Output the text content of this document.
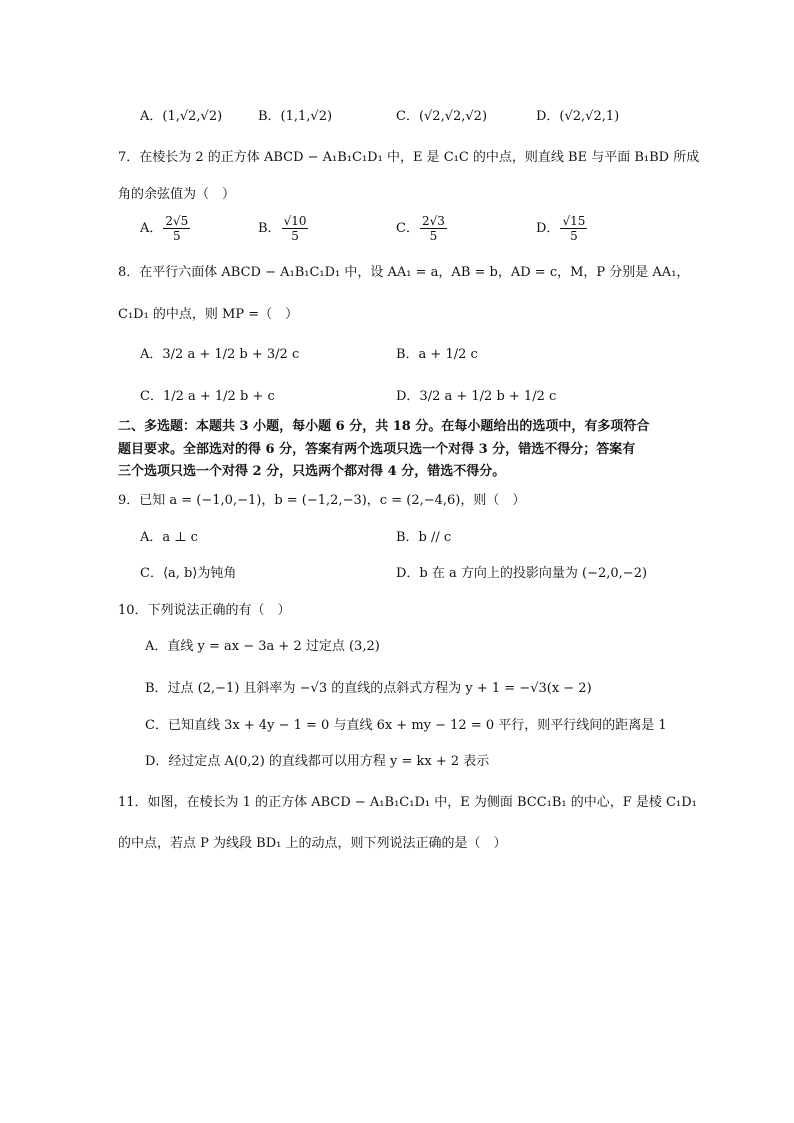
A．(1,√2,√2)	B．(1,1,√2)	C．(√2,√2,√2)	D．(√2,√2,1)
7．在棱长为 2 的正方体 ABCD − A₁B₁C₁D₁ 中，E 是 C₁C 的中点，则直线 BE 与平面 B₁BD 所成
角的余弦值为（　）
A． $\frac{2√5}{5}$	B． $\frac{√10}{5}$	C． $\frac{2√3}{5}$	D． $\frac{√15}{5}$
8．在平行六面体 ABCD − A₁B₁C₁D₁ 中，设 AA₁ = a，AB = b，AD = c，M，P 分别是 AA₁，
C₁D₁ 的中点，则 MP =（　）
A．3/2 a + 1/2 b + 3/2 c	B．a + 1/2 c
C．1/2 a + 1/2 b + c	D．3/2 a + 1/2 b + 1/2 c
二、多选题：本题共 3 小题，每小题 6 分，共 18 分。在每小题给出的选项中，有多项符合
题目要求。全部选对的得 6 分，答案有两个选项只选一个对得 3 分，错选不得分；答案有
三个选项只选一个对得 2 分，只选两个都对得 4 分，错选不得分。
9．已知 a = (−1,0,−1)，b = (−1,2,−3)，c = (2,−4,6)，则（　）
A．a ⊥ c	B．b // c
C．⟨a, b⟩为钝角	D．b 在 a 方向上的投影向量为 (−2,0,−2)
10．下列说法正确的有（　）
A．直线 y = ax − 3a + 2 过定点 (3,2)
B．过点 (2,−1) 且斜率为 −√3 的直线的点斜式方程为 y + 1 = −√3(x − 2)
C．已知直线 3x + 4y − 1 = 0 与直线 6x + my − 12 = 0 平行，则平行线间的距离是 1
D．经过定点 A(0,2) 的直线都可以用方程 y = kx + 2 表示
11．如图，在棱长为 1 的正方体 ABCD − A₁B₁C₁D₁ 中，E 为侧面 BCC₁B₁ 的中心，F 是棱 C₁D₁
的中点，若点 P 为线段 BD₁ 上的动点，则下列说法正确的是（　）
